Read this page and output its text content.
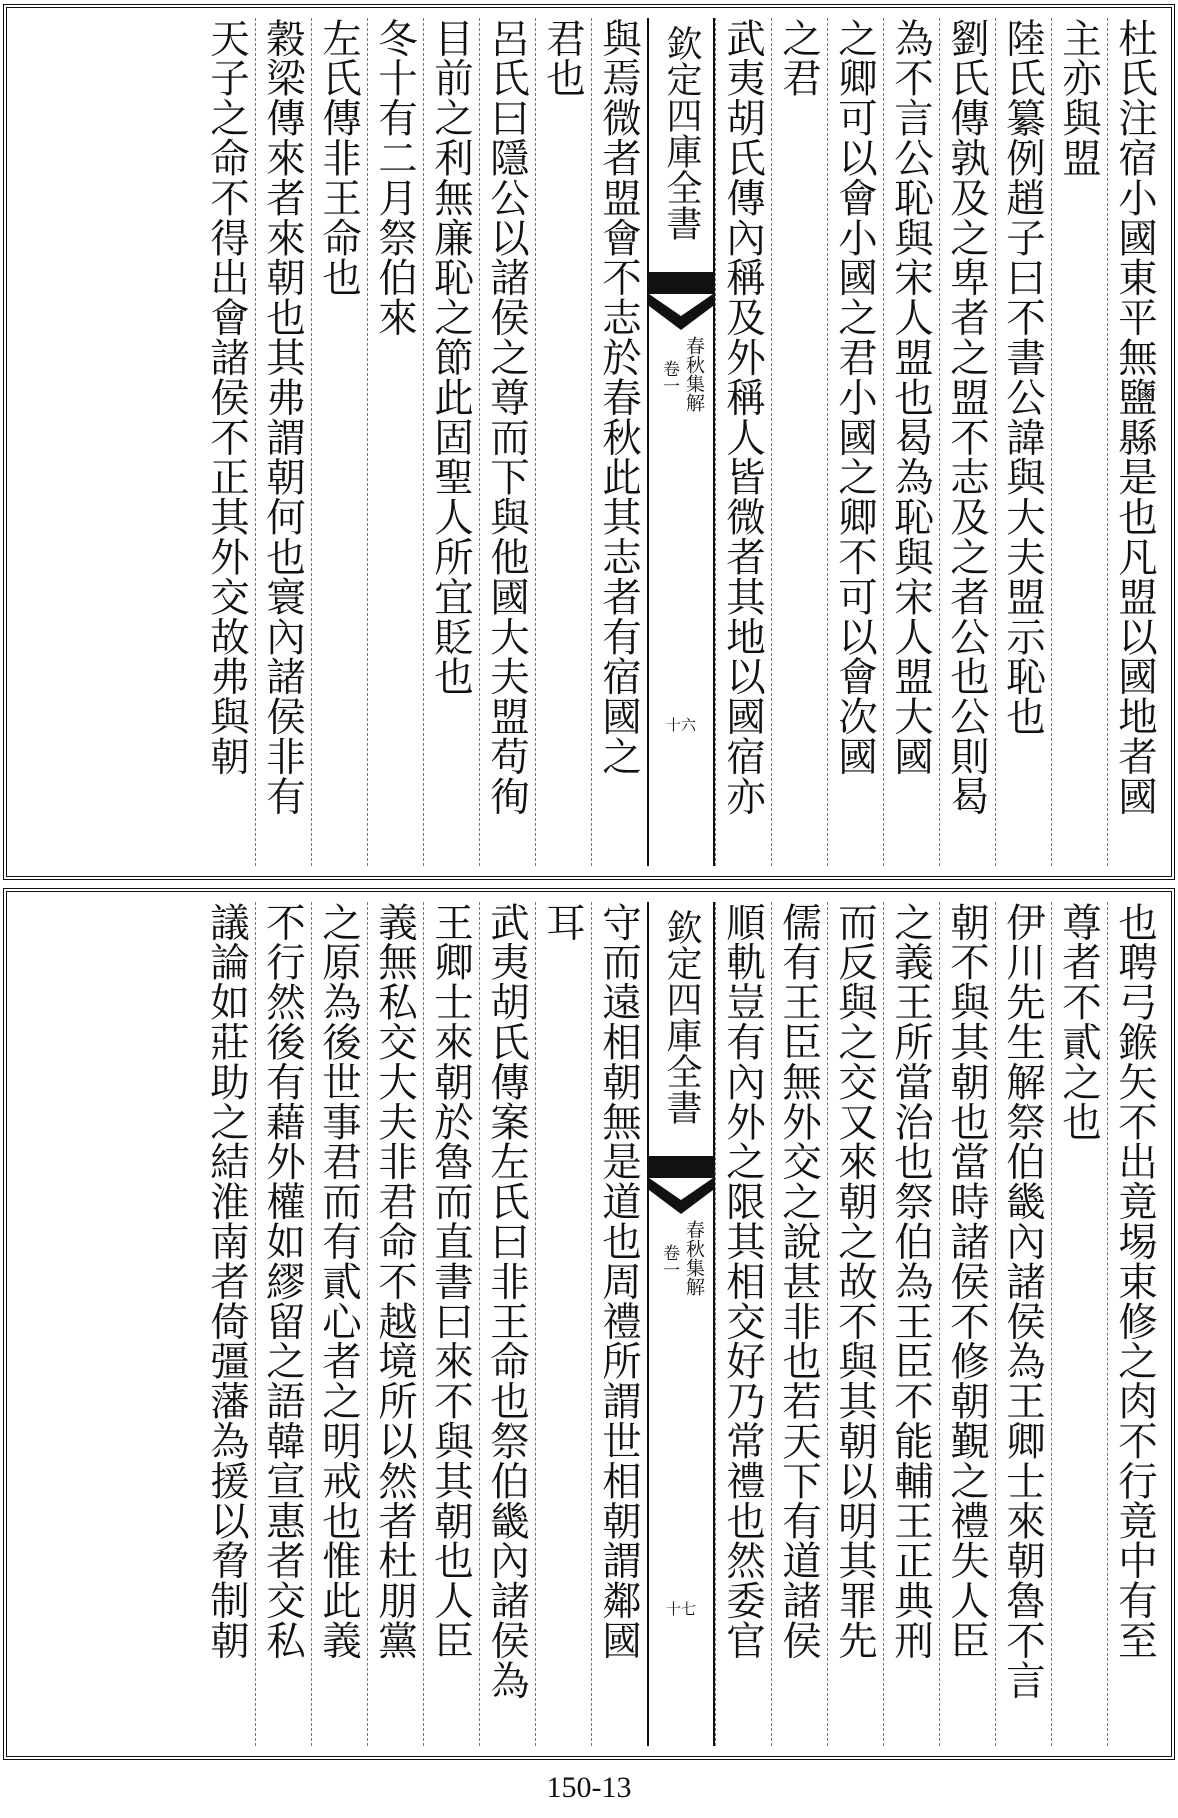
杜氏注宿小國東平無鹽縣是也凡盟以國地者國
主亦與盟
陸氏纂例趙子曰不書公諱與大夫盟示恥也
劉氏傳孰及之卑者之盟不志及之者公也公則曷
為不言公恥與宋人盟也曷為恥與宋人盟大國
之卿可以會小國之君小國之卿不可以會次國
之君
武夷胡氏傳內稱及外稱人皆微者其地以國宿亦
欽定四庫全書
春秋集解
卷一
十六
與焉微者盟會不志於春秋此其志者有宿國之
君也
呂氏曰隱公以諸侯之尊而下與他國大夫盟苟徇
目前之利無廉恥之節此固聖人所宜貶也
冬十有二月祭伯來
左氏傳非王命也
穀梁傳來者來朝也其弗謂朝何也寰內諸侯非有
天子之命不得出會諸侯不正其外交故弗與朝
也聘弓鍭矢不出竟埸束修之肉不行竟中有至
尊者不貳之也
伊川先生解祭伯畿內諸侯為王卿士來朝魯不言
朝不與其朝也當時諸侯不修朝覲之禮失人臣
之義王所當治也祭伯為王臣不能輔王正典刑
而反與之交又來朝之故不與其朝以明其罪先
儒有王臣無外交之說甚非也若天下有道諸侯
順軌豈有內外之限其相交好乃常禮也然委官
欽定四庫全書
春秋集解
卷一
十七
守而遠相朝無是道也周禮所謂世相朝謂鄰國
耳
武夷胡氏傳案左氏曰非王命也祭伯畿內諸侯為
王卿士來朝於魯而直書曰來不與其朝也人臣
義無私交大夫非君命不越境所以然者杜朋黨
之原為後世事君而有貳心者之明戒也惟此義
不行然後有藉外權如繆留之語韓宣惠者交私
議論如莊助之結淮南者倚彊藩為援以脅制朝
150-13
